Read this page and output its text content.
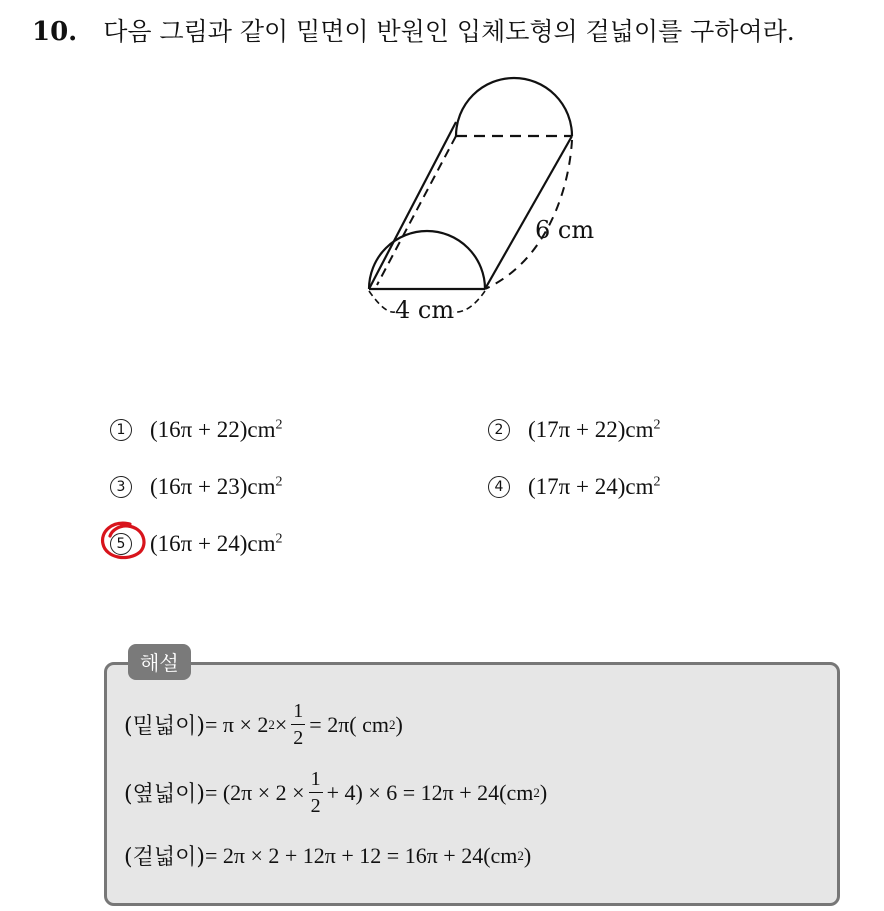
10. 다음 그림과 같이 밑면이 반원인 입체도형의 겉넓이를 구하여라.
4 cm
6 cm
1 $(16\pi + 22)cm^2$	2 $(17\pi + 22)cm^2$
3 $(16\pi + 23)cm^2$	4 $(17\pi + 24)cm^2$
5 $(16\pi + 24)cm^2$
해설
(밑넓이) = π × 2 $2 \times \frac{1}{2} = 2\pi$( cm 2 )
(옆넓이) = $(2\pi \times 2 \times \frac{1}{2} + 4) \times 6 = 12\pi + 24(cm$ 2 )
(겉넓이) = 2π × 2 + 12π + 12 = 16π + 24(cm 2 )
